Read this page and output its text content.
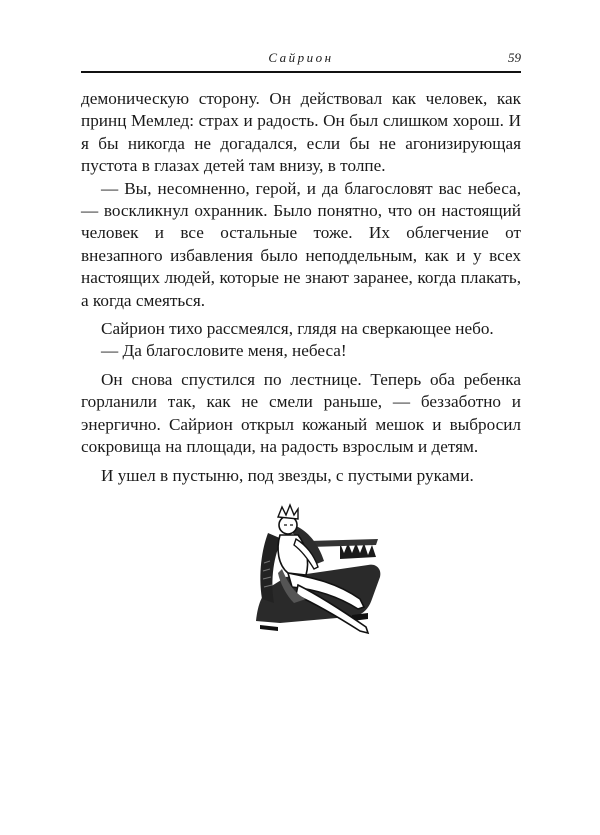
Сайрион	59

демоническую сторону. Он действовал как человек, как принц Мемлед: страх и радость. Он был слишком хорош. И я бы никогда не догадался, если бы не агонизирующая пустота в глазах детей там внизу, в толпе.

— Вы, несомненно, герой, и да благословят вас небеса, — воскликнул охранник. Было понятно, что он настоящий человек и все остальные тоже. Их облегчение от внезапного избавления было неподдельным, как и у всех настоящих людей, которые не знают заранее, когда плакать, а когда смеяться.

Сайрион тихо рассмеялся, глядя на сверкающее небо.

— Да благословите меня, небеса!

Он снова спустился по лестнице. Теперь оба ребенка горланили так, как не смели раньше, — беззаботно и энергично. Сайрион открыл кожаный мешок и выбросил сокровища на площади, на радость взрослым и детям.

И ушел в пустыню, под звезды, с пустыми руками.
